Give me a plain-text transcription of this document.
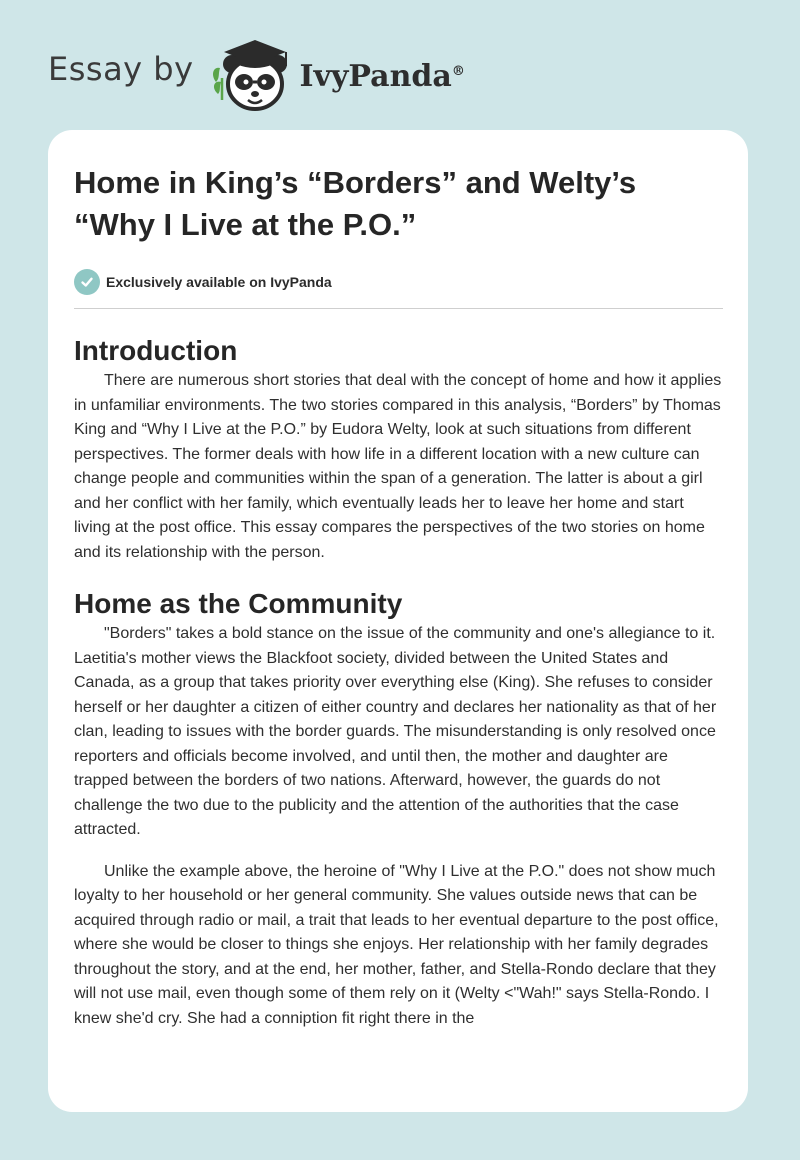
Essay by	IvyPanda®
Home in King’s “Borders” and Welty’s “Why I Live at the P.O.”
Exclusively available on IvyPanda
Introduction

There are numerous short stories that deal with the concept of home and how it applies in unfamiliar environments. The two stories compared in this analysis, “Borders” by Thomas King and “Why I Live at the P.O.” by Eudora Welty, look at such situations from different perspectives. The former deals with how life in a different location with a new culture can change people and communities within the span of a generation. The latter is about a girl and her conflict with her family, which eventually leads her to leave her home and start living at the post office. This essay compares the perspectives of the two stories on home and its relationship with the person.

Home as the Community

"Borders" takes a bold stance on the issue of the community and one's allegiance to it. Laetitia's mother views the Blackfoot society, divided between the United States and Canada, as a group that takes priority over everything else (King). She refuses to consider herself or her daughter a citizen of either country and declares her nationality as that of her clan, leading to issues with the border guards. The misunderstanding is only resolved once reporters and officials become involved, and until then, the mother and daughter are trapped between the borders of two nations. Afterward, however, the guards do not challenge the two due to the publicity and the attention of the authorities that the case attracted.

Unlike the example above, the heroine of "Why I Live at the P.O." does not show much loyalty to her household or her general community. She values outside news that can be acquired through radio or mail, a trait that leads to her eventual departure to the post office, where she would be closer to things she enjoys. Her relationship with her family degrades throughout the story, and at the end, her mother, father, and Stella-Rondo declare that they will not use mail, even though some of them rely on it (Welty <"Wah!" says Stella-Rondo. I knew she'd cry. She had a conniption fit right there in the
